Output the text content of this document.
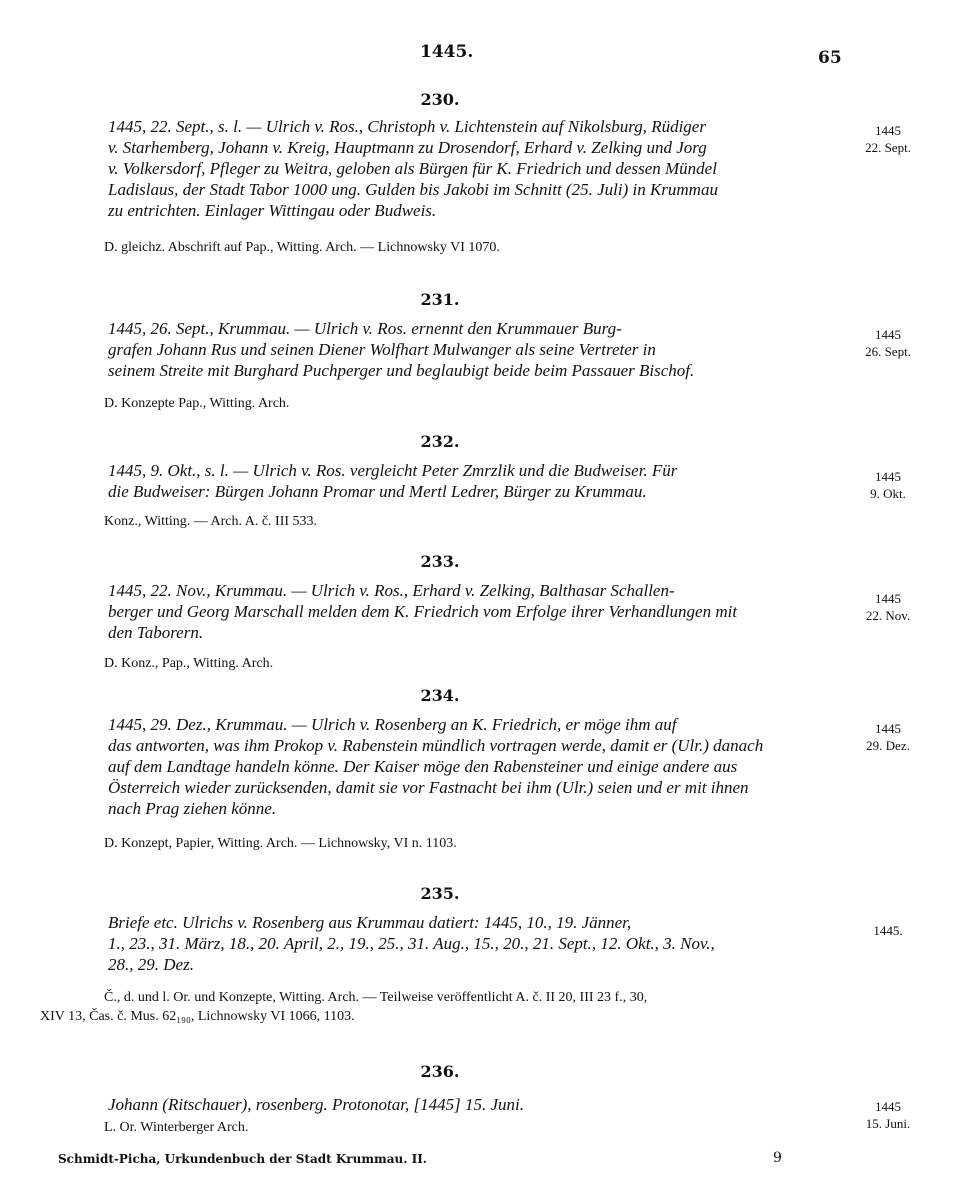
1445.	65
230.
1445, 22. Sept., s. l. — Ulrich v. Ros., Christoph v. Lichtenstein auf Nikolsburg, Rüdiger
v. Starhemberg, Johann v. Kreig, Hauptmann zu Drosendorf, Erhard v. Zelking und Jorg
v. Volkersdorf, Pfleger zu Weitra, geloben als Bürgen für K. Friedrich und dessen Mündel
Ladislaus, der Stadt Tabor 1000 ung. Gulden bis Jakobi im Schnitt (25. Juli) in Krummau
zu entrichten. Einlager Wittingau oder Budweis.
D. gleichz. Abschrift auf Pap., Witting. Arch. — Lichnowsky VI 1070.
1445
22. Sept.
231.
1445, 26. Sept., Krummau. — Ulrich v. Ros. ernennt den Krummauer Burg-
grafen Johann Rus und seinen Diener Wolfhart Mulwanger als seine Vertreter in
seinem Streite mit Burghard Puchperger und beglaubigt beide beim Passauer Bischof.
D. Konzepte Pap., Witting. Arch.
1445
26. Sept.
232.
1445, 9. Okt., s. l. — Ulrich v. Ros. vergleicht Peter Zmrzlik und die Budweiser. Für
die Budweiser: Bürgen Johann Promar und Mertl Ledrer, Bürger zu Krummau.
Konz., Witting. — Arch. A. č. III 533.
1445
9. Okt.
233.
1445, 22. Nov., Krummau. — Ulrich v. Ros., Erhard v. Zelking, Balthasar Schallen-
berger und Georg Marschall melden dem K. Friedrich vom Erfolge ihrer Verhandlungen mit
den Taborern.
D. Konz., Pap., Witting. Arch.
1445
22. Nov.
234.
1445, 29. Dez., Krummau. — Ulrich v. Rosenberg an K. Friedrich, er möge ihm auf
das antworten, was ihm Prokop v. Rabenstein mündlich vortragen werde, damit er (Ulr.) danach
auf dem Landtage handeln könne. Der Kaiser möge den Rabensteiner und einige andere aus
Österreich wieder zurücksenden, damit sie vor Fastnacht bei ihm (Ulr.) seien und er mit ihnen
nach Prag ziehen könne.
D. Konzept, Papier, Witting. Arch. — Lichnowsky, VI n. 1103.
1445
29. Dez.
235.
Briefe etc. Ulrichs v. Rosenberg aus Krummau datiert: 1445, 10., 19. Jänner,
1., 23., 31. März, 18., 20. April, 2., 19., 25., 31. Aug., 15., 20., 21. Sept., 12. Okt., 3. Nov.,
28., 29. Dez.
Č., d. und l. Or. und Konzepte, Witting. Arch. — Teilweise veröffentlicht A. č. II 20, III 23 f., 30,
XIV 13, Čas. č. Mus. 62₁₉₀, Lichnowsky VI 1066, 1103.
1445.
236.
Johann (Ritschauer), rosenberg. Protonotar, [1445] 15. Juni.
L. Or. Winterberger Arch.
1445
15. Juni.
Schmidt-Picha, Urkundenbuch der Stadt Krummau. II.	9
